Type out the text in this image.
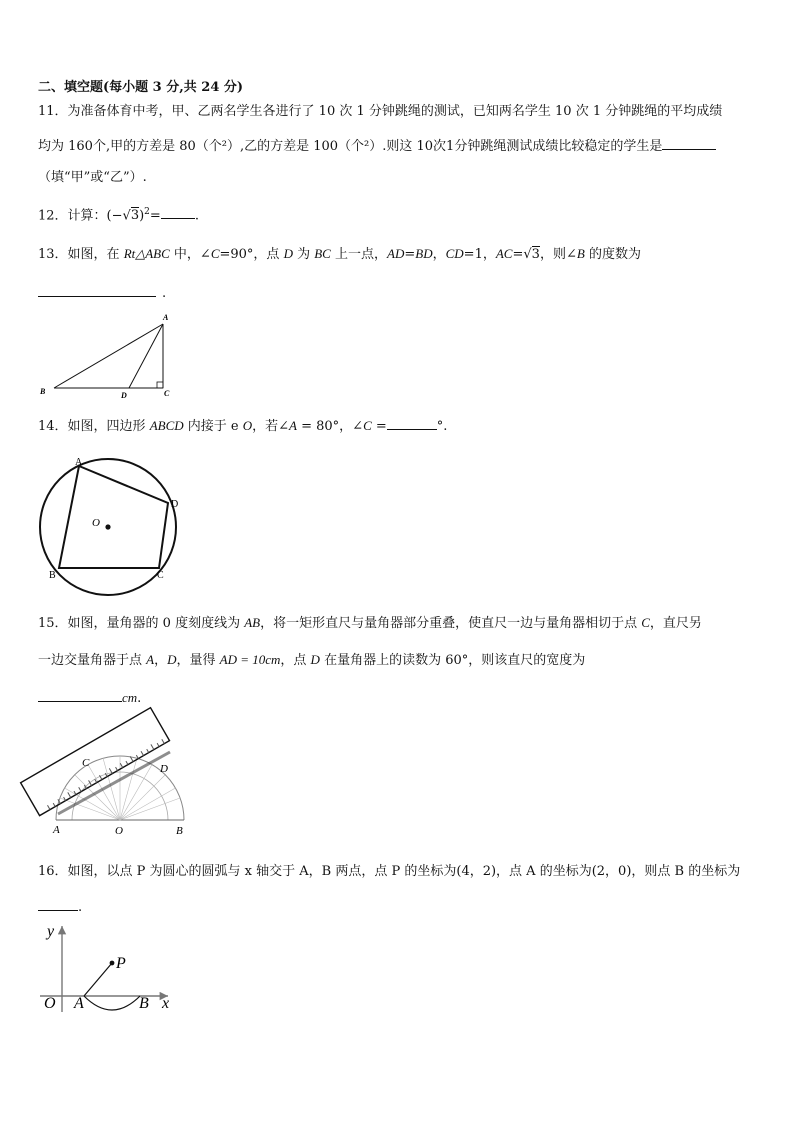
二、填空题(每小题 3 分,共 24 分)
11．为准备体育中考，甲、乙两名学生各进行了 10 次 1 分钟跳绳的测试，已知两名学生 10 次 1 分钟跳绳的平均成绩
均为 160个,甲的方差是 80（个²）,乙的方差是 100（个²）.则这 10次1分钟跳绳测试成绩比较稳定的学生是
（填“甲”或“乙”）.
12．计算：$(-√3)^2=$	.
13．如图，在 Rt△ABC 中，∠C=90°，点 D 为 BC 上一点，AD=BD，CD=1，AC=√3，则∠B 的度数为
.
A
B	C
D
14．如图，四边形 ABCD 内接于 e O，若∠A = 80°，∠C =	°.
A
D
B	C
O
15．如图，量角器的 0 度刻度线为 AB，将一矩形直尺与量角器部分重叠，使直尺一边与量角器相切于点 C，直尺另
一边交量角器于点 A，D，量得 AD = 10cm，点 D 在量角器上的读数为 60°，则该直尺的宽度为
cm.
A	O	B
C	D
16．如图，以点 P 为圆心的圆弧与 x 轴交于 A，B 两点，点 P 的坐标为(4，2)，点 A 的坐标为(2，0)，则点 B 的坐标为
.
y
x
O A	B
P
